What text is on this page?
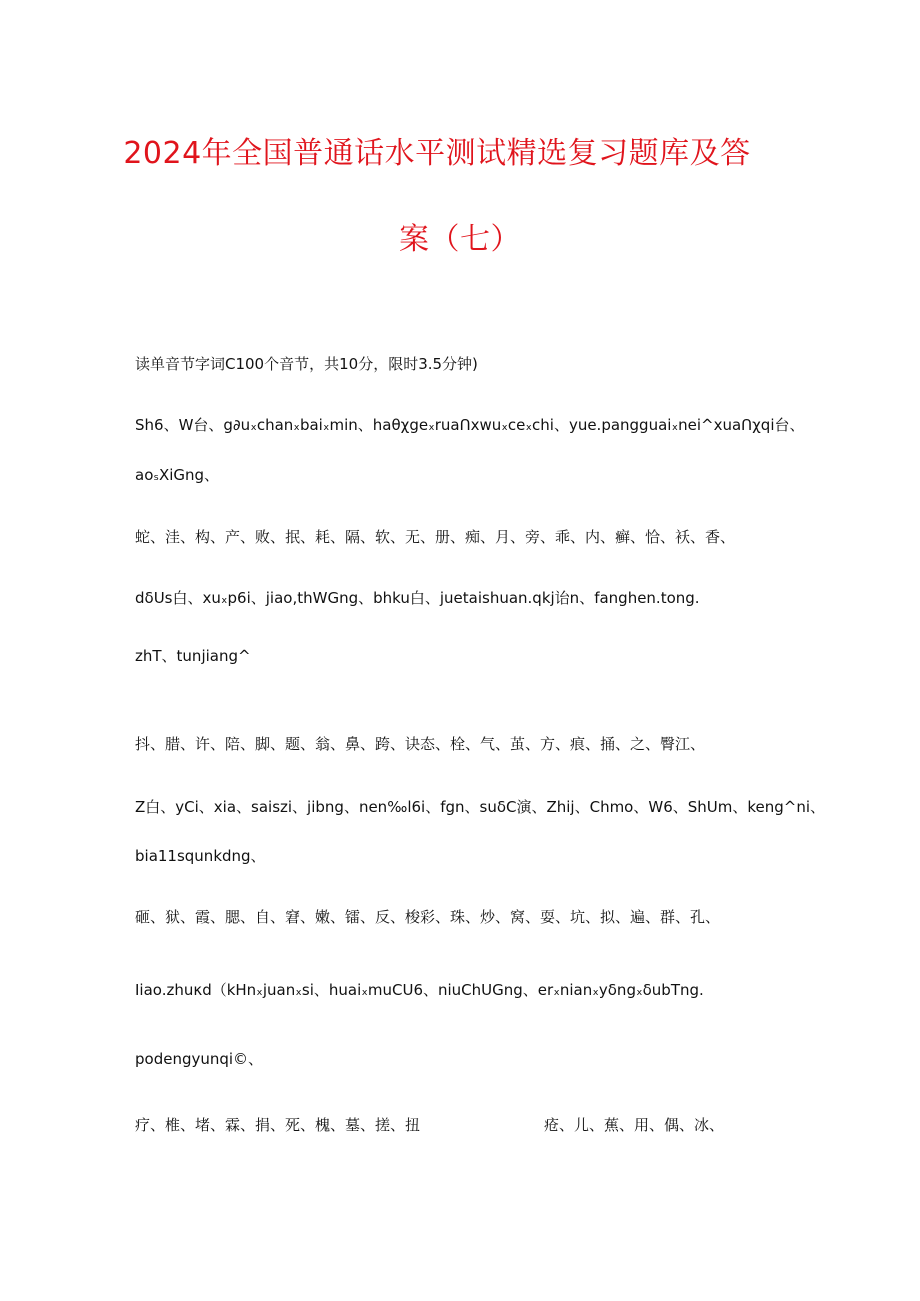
2024年全国普通话水平测试精选复习题库及答
案（七）
读单音节字词C100个音节，共10分，限时3.5分钟)
Sh6、W台、g∂uₓchanₓbaiₓmin、haθχgeₓruaՈxwuₓceₓchi、yue.pangguaiₓnei^xuaՈχqi台、
aoₛXiGng、
蛇、洼、构、产、败、抿、耗、隔、软、无、册、痴、月、旁、乖、内、癣、恰、袄、香、
dδUs白、xuₓp6i、jiao,thWGng、bhku白、juetaishuan.qkj诒n、fanghen.tong.
zhT、tunjiang^
抖、腊、许、陪、脚、题、翁、鼻、跨、诀态、栓、气、茧、方、痕、捅、之、臀江、
Z白、yCi、xia、saiszi、jibng、nen‰l6i、fgn、suδC演、Zhij、Chmo、W6、ShUm、keng^ni、
bia11squnkdng、
砸、狱、霞、腮、自、窘、嫩、镭、反、梭彩、珠、炒、窝、耍、坑、拟、遍、群、孔、
Iiao.zhuκd（kHnₓjuanₓsi、huaiₓmuCU6、niuChUGng、erₓnianₓyδngₓδubTng.
podengyunqi©、
疗、椎、堵、霖、捐、死、槐、墓、搓、扭	疮、儿、蕉、用、偶、冰、
